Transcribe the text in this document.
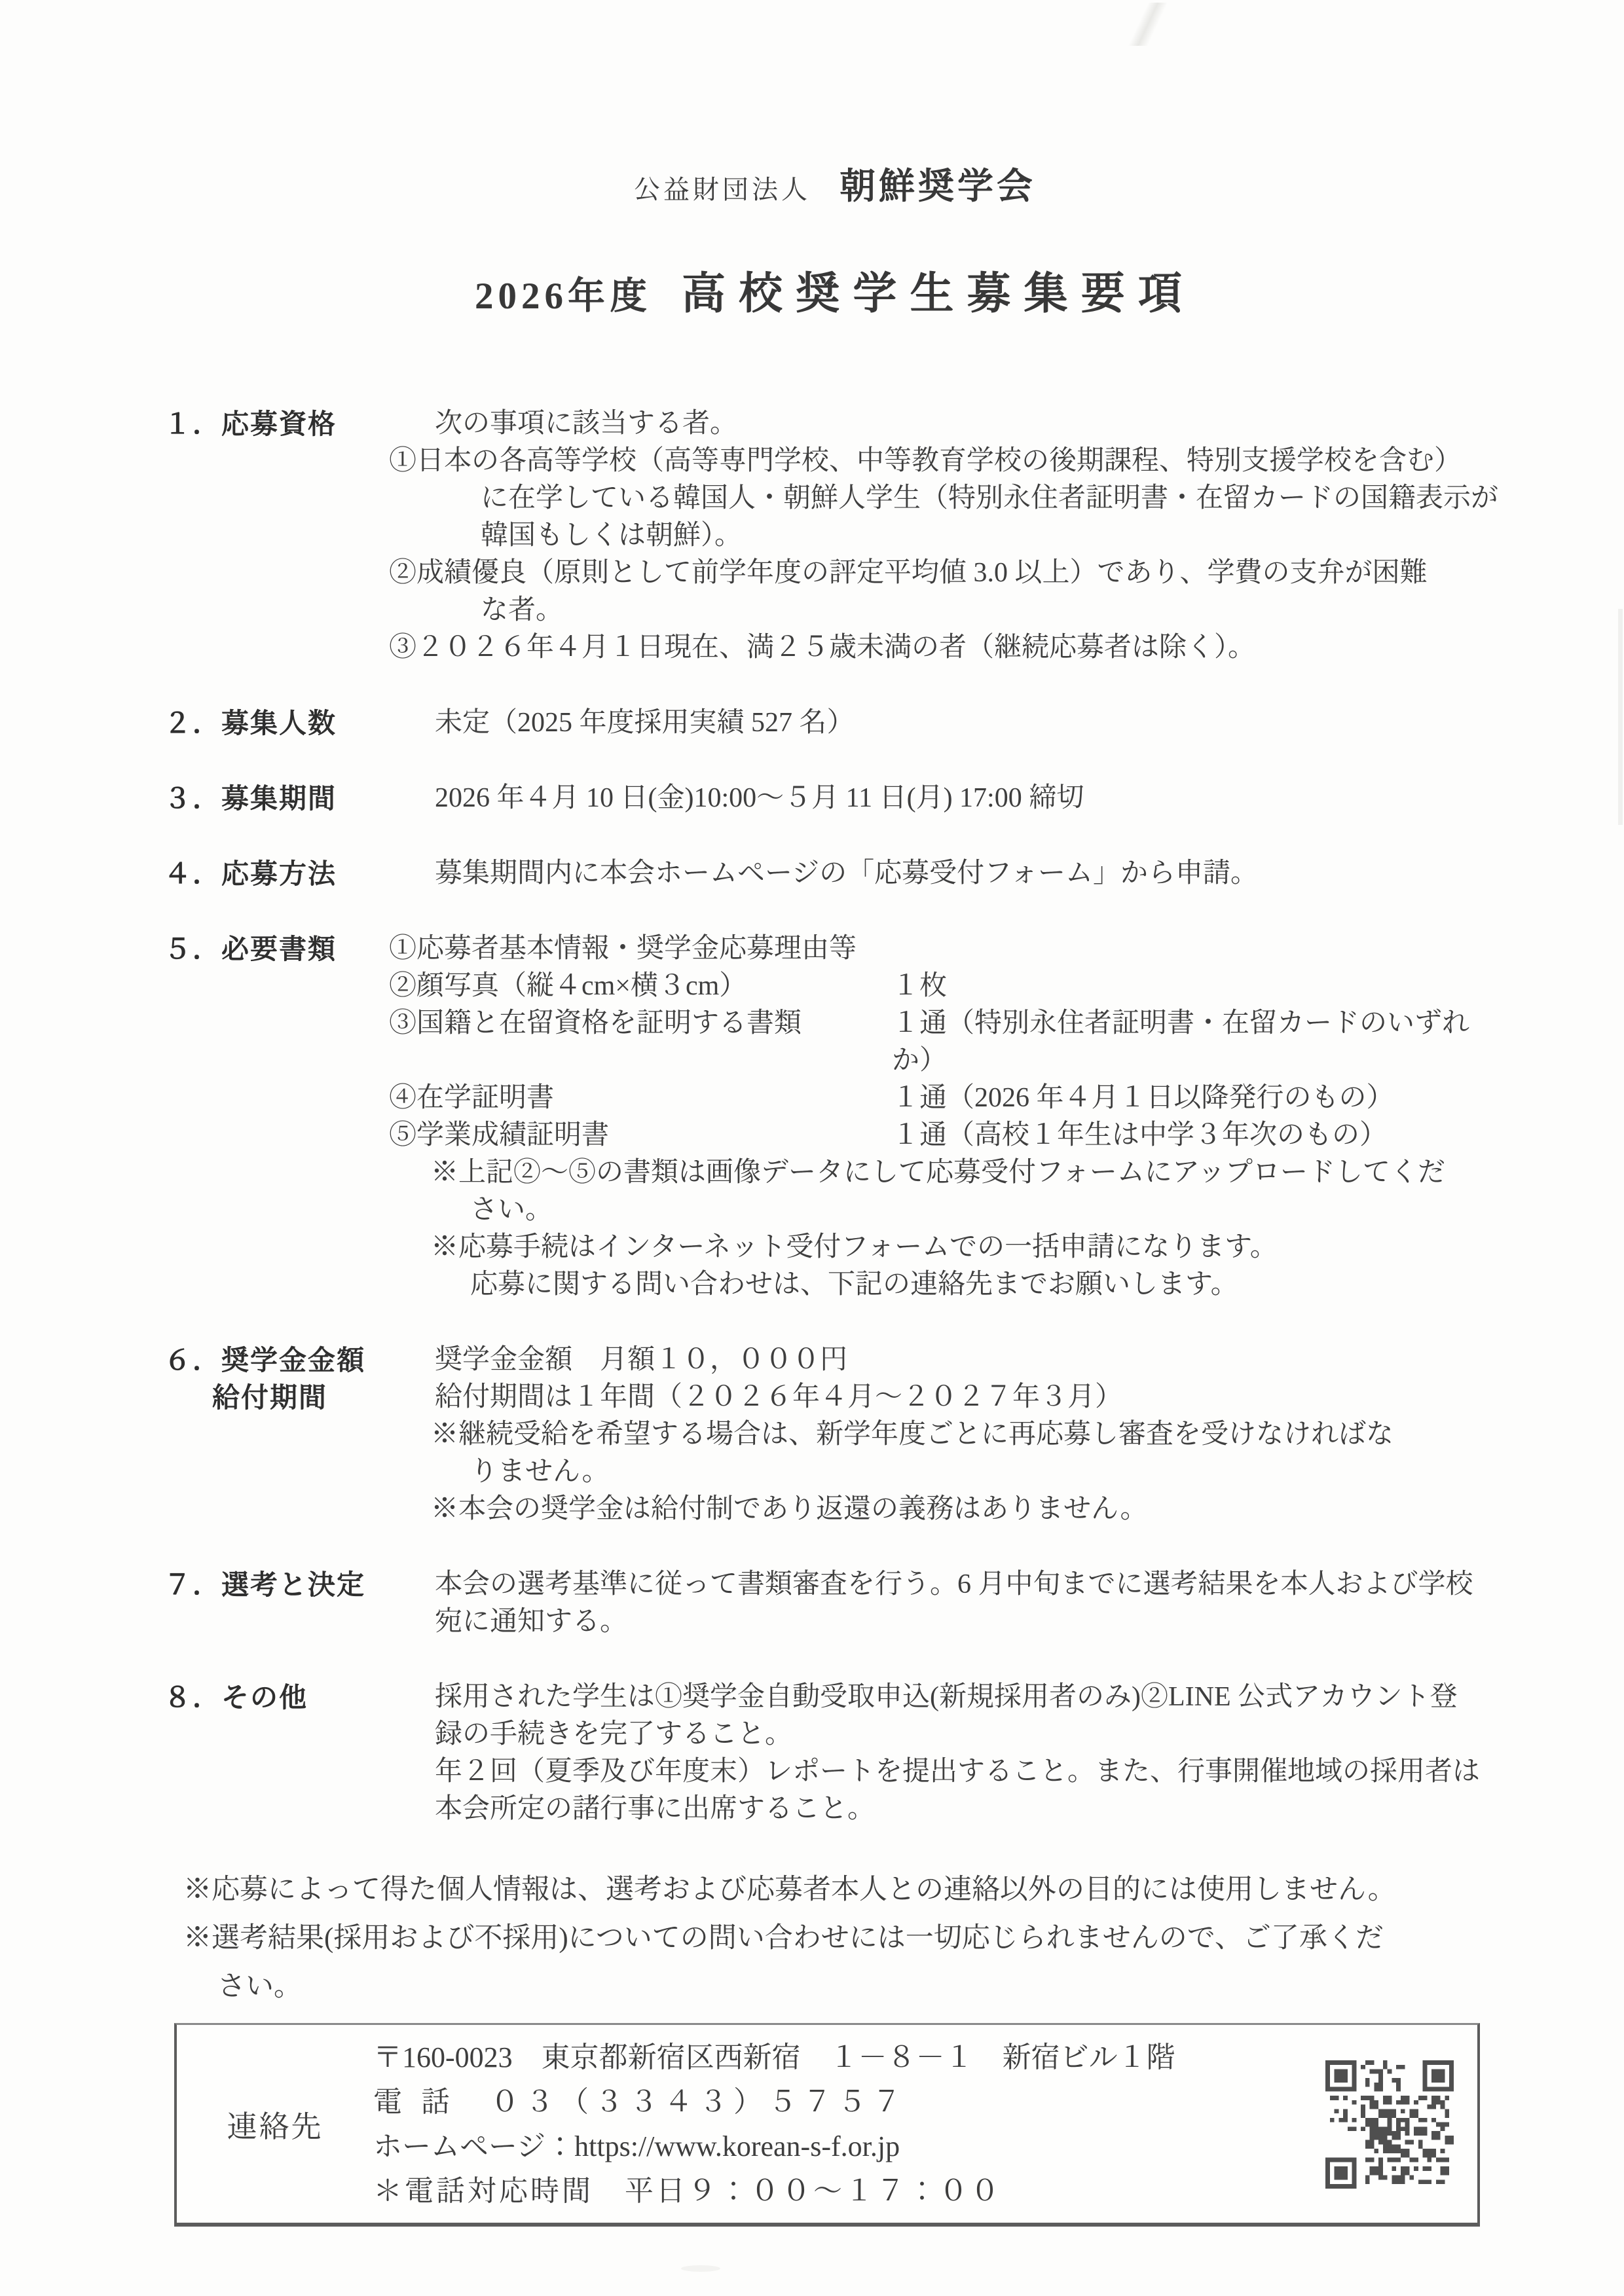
公益財団法人 朝鮮奨学会
2026年度 高校奨学生募集要項
１．応募資格	次の事項に該当する者。
①日本の各高等学校（高等専門学校、中等教育学校の後期課程、特別支援学校を含む）
に在学している韓国人・朝鮮人学生（特別永住者証明書・在留カードの国籍表示が
韓国もしくは朝鮮）。
②成績優良（原則として前学年度の評定平均値 3.0 以上）であり、学費の支弁が困難
な者。
③２０２６年４月１日現在、満２５歳未満の者（継続応募者は除く）。
２．募集人数	未定（2025 年度採用実績 527 名）
３．募集期間	2026 年４月 10 日(金)10:00～５月 11 日(月) 17:00 締切
４．応募方法	募集期間内に本会ホームページの「応募受付フォーム」から申請。
５．必要書類	①応募者基本情報・奨学金応募理由等
②顔写真（縦４cm×横３cm）	１枚
③国籍と在留資格を証明する書類	１通（特別永住者証明書・在留カードのいずれか）
④在学証明書	１通（2026 年４月１日以降発行のもの）
⑤学業成績証明書	１通（高校１年生は中学３年次のもの）
※上記②～⑤の書類は画像データにして応募受付フォームにアップロードしてくだ
さい。
※応募手続はインターネット受付フォームでの一括申請になります。
応募に関する問い合わせは、下記の連絡先までお願いします。
６．奨学金金額
給付期間
奨学金金額　月額１０，０００円
給付期間は１年間（２０２６年４月～２０２７年３月）
※継続受給を希望する場合は、新学年度ごとに再応募し審査を受けなければな
りません。
※本会の奨学金は給付制であり返還の義務はありません。
７．選考と決定	本会の選考基準に従って書類審査を行う。6 月中旬までに選考結果を本人および学校
宛に通知する。
８．その他	採用された学生は①奨学金自動受取申込(新規採用者のみ)②LINE 公式アカウント登
録の手続きを完了すること。
年２回（夏季及び年度末）レポートを提出すること。また、行事開催地域の採用者は
本会所定の諸行事に出席すること。
※応募によって得た個人情報は、選考および応募者本人との連絡以外の目的には使用しません。
※選考結果(採用および不採用)についての問い合わせには一切応じられませんので、ご了承くだ
さい。
連絡先
〒160-0023　東京都新宿区西新宿　１－８－１　新宿ビル１階
電 話　０３（３３４３）５７５７
ホームページ：https://www.korean-s-f.or.jp
＊電話対応時間　平日９：００～１７：００
